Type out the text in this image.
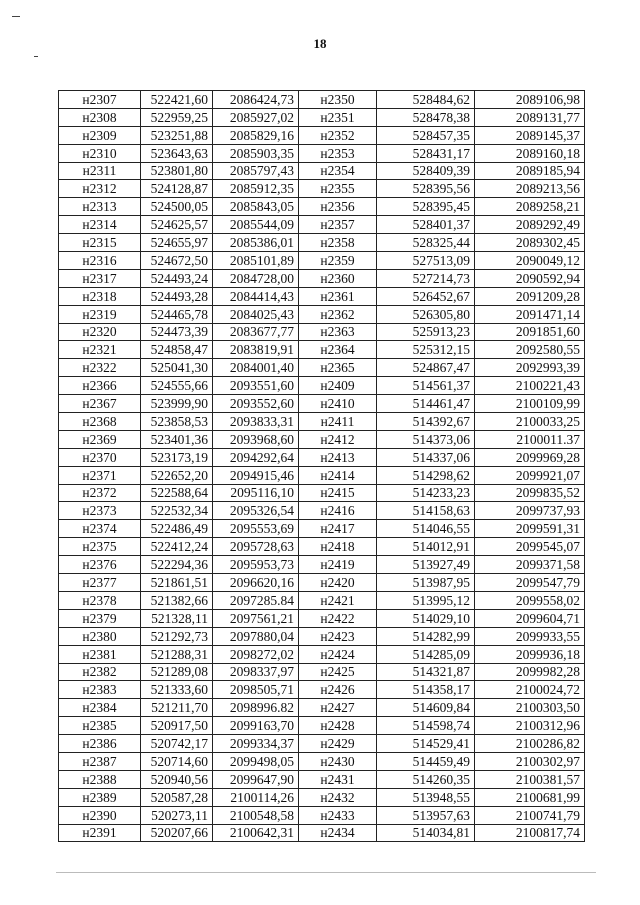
18
н2307	522421,60	2086424,73	н2350	528484,62	2089106,98
н2308	522959,25	2085927,02	н2351	528478,38	2089131,77
н2309	523251,88	2085829,16	н2352	528457,35	2089145,37
н2310	523643,63	2085903,35	н2353	528431,17	2089160,18
н2311	523801,80	2085797,43	н2354	528409,39	2089185,94
н2312	524128,87	2085912,35	н2355	528395,56	2089213,56
н2313	524500,05	2085843,05	н2356	528395,45	2089258,21
н2314	524625,57	2085544,09	н2357	528401,37	2089292,49
н2315	524655,97	2085386,01	н2358	528325,44	2089302,45
н2316	524672,50	2085101,89	н2359	527513,09	2090049,12
н2317	524493,24	2084728,00	н2360	527214,73	2090592,94
н2318	524493,28	2084414,43	н2361	526452,67	2091209,28
н2319	524465,78	2084025,43	н2362	526305,80	2091471,14
н2320	524473,39	2083677,77	н2363	525913,23	2091851,60
н2321	524858,47	2083819,91	н2364	525312,15	2092580,55
н2322	525041,30	2084001,40	н2365	524867,47	2092993,39
н2366	524555,66	2093551,60	н2409	514561,37	2100221,43
н2367	523999,90	2093552,60	н2410	514461,47	2100109,99
н2368	523858,53	2093833,31	н2411	514392,67	2100033,25
н2369	523401,36	2093968,60	н2412	514373,06	2100011.37
н2370	523173,19	2094292,64	н2413	514337,06	2099969,28
н2371	522652,20	2094915,46	н2414	514298,62	2099921,07
н2372	522588,64	2095116,10	н2415	514233,23	2099835,52
н2373	522532,34	2095326,54	н2416	514158,63	2099737,93
н2374	522486,49	2095553,69	н2417	514046,55	2099591,31
н2375	522412,24	2095728,63	н2418	514012,91	2099545,07
н2376	522294,36	2095953,73	н2419	513927,49	2099371,58
н2377	521861,51	2096620,16	н2420	513987,95	2099547,79
н2378	521382,66	2097285.84	н2421	513995,12	2099558,02
н2379	521328,11	2097561,21	н2422	514029,10	2099604,71
н2380	521292,73	2097880,04	н2423	514282,99	2099933,55
н2381	521288,31	2098272,02	н2424	514285,09	2099936,18
н2382	521289,08	2098337,97	н2425	514321,87	2099982,28
н2383	521333,60	2098505,71	н2426	514358,17	2100024,72
н2384	521211,70	2098996.82	н2427	514609,84	2100303,50
н2385	520917,50	2099163,70	н2428	514598,74	2100312,96
н2386	520742,17	2099334,37	н2429	514529,41	2100286,82
н2387	520714,60	2099498,05	н2430	514459,49	2100302,97
н2388	520940,56	2099647,90	н2431	514260,35	2100381,57
н2389	520587,28	2100114,26	н2432	513948,55	2100681,99
н2390	520273,11	2100548,58	н2433	513957,63	2100741,79
н2391	520207,66	2100642,31	н2434	514034,81	2100817,74
